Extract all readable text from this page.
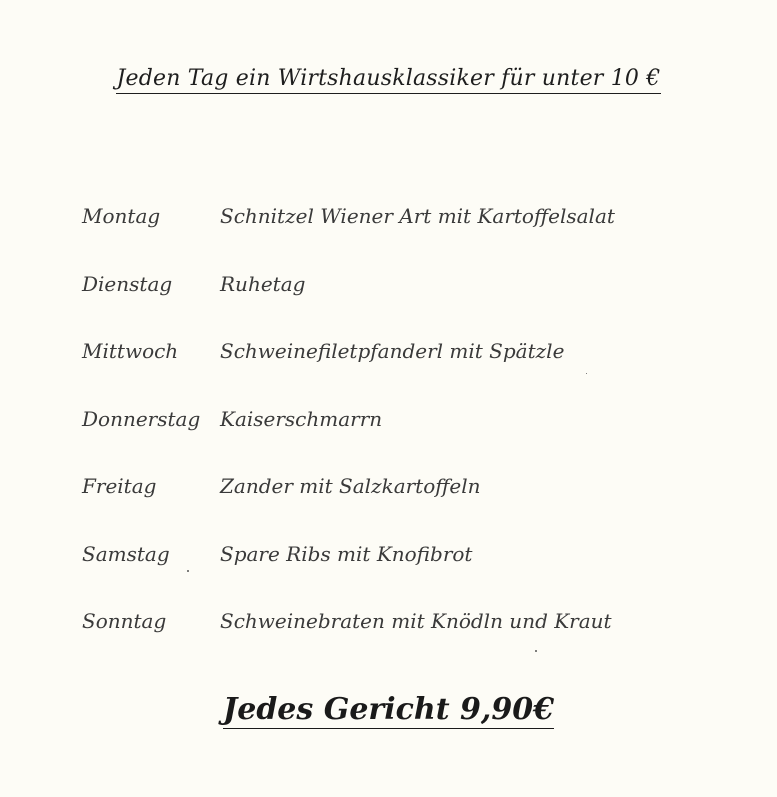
Jeden Tag ein Wirtshausklassiker für unter 10 €
Montag	Schnitzel Wiener Art mit Kartoffelsalat
Dienstag Ruhetag
Mittwoch Schweinefiletpfanderl mit Spätzle
Donnerstag Kaiserschmarrn
Freitag	Zander mit Salzkartoffeln
Samstag	Spare Ribs mit Knofibrot
Sonntag	Schweinebraten mit Knödln und Kraut
Jedes Gericht 9,90€
